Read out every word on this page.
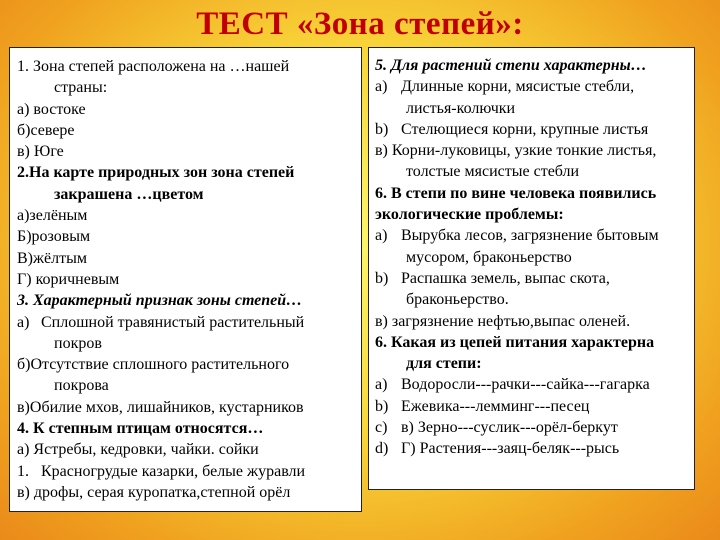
ТЕСТ «Зона степей»:
1. Зона степей расположена на …нашей
страны:
а) востоке
б)севере
в) Юге
2.На карте природных зон зона степей
закрашена …цветом
а)зелёным
Б)розовым
В)жёлтым
Г) коричневым
3. Характерный признак зоны степей…
а) Сплошной травянистый растительный
покров
б)Отсутствие сплошного растительного
покрова
в)Обилие мхов, лишайников, кустарников
4. К степным птицам относятся…
а) Ястребы, кедровки, чайки. сойки
1. Красногрудые казарки, белые журавли
в) дрофы, серая куропатка,степной орёл
5. Для растений степи характерны…
a) Длинные корни, мясистые стебли,
листья-колючки
b) Стелющиеся корни, крупные листья
в) Корни-луковицы, узкие тонкие листья,
толстые мясистые стебли
6. В степи по вине человека появились
экологические проблемы:
a) Вырубка лесов, загрязнение бытовым
мусором, браконьерство
b) Распашка земель, выпас скота,
браконьерство.
в) загрязнение нефтью,выпас оленей.
6. Какая из цепей питания характерна
для степи:
a) Водоросли---рачки---сайка---гагарка
b) Ежевика---лемминг---песец
c) в) Зерно---суслик---орёл-беркут
d) Г) Растения---заяц-беляк---рысь
